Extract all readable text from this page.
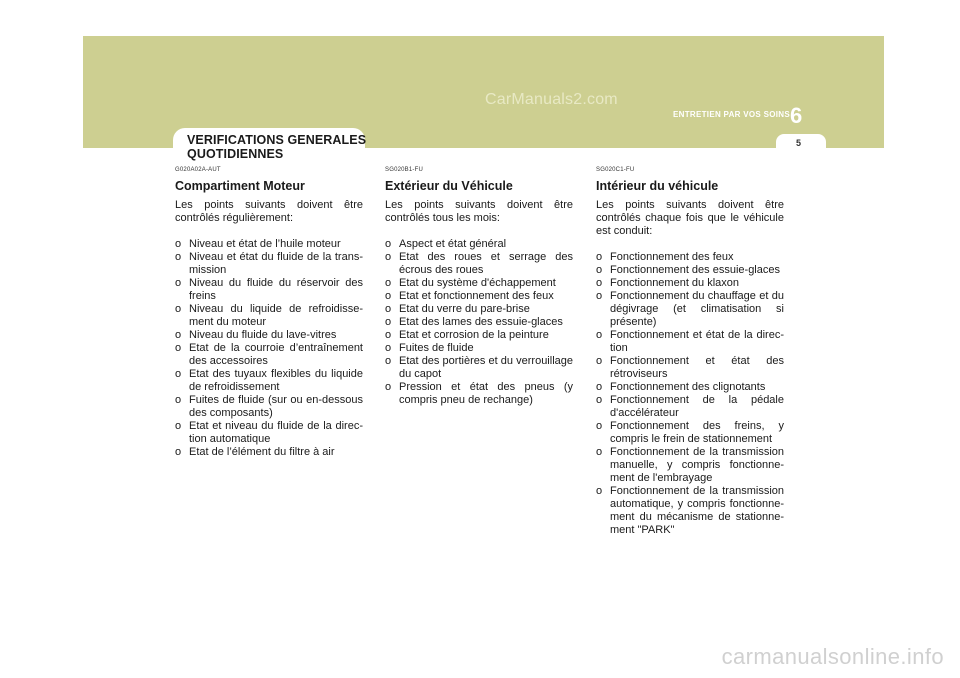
CarManuals2.com
ENTRETIEN PAR VOS SOINS 6
5
VERIFICATIONS GENERALES
QUOTIDIENNES
G020A02A-AUT
Compartiment Moteur
Les points suivants doivent être contrôlés régulièrement:
o Niveau et état de l’huile moteur
o Niveau et état du fluide de la trans-mission
o Niveau du fluide du réservoir des freins
o Niveau du liquide de refroidisse-ment du moteur
o Niveau du fluide du lave-vitres
o Etat de la courroie d’entraînement des accessoires
o Etat des tuyaux flexibles du liquide de refroidissement
o Fuites de fluide (sur ou en-dessous des composants)
o Etat et niveau du fluide de la direc-tion automatique
o Etat de l’élément du filtre à air
SG020B1-FU
Extérieur du Véhicule
Les points suivants doivent être contrôlés tous les mois:
o Aspect et état général
o Etat des roues et serrage des écrous des roues
o Etat du système d'échappement
o Etat et fonctionnement des feux
o Etat du verre du pare-brise
o Etat des lames des essuie-glaces
o Etat et corrosion de la peinture
o Fuites de fluide
o Etat des portières et du verrouillage du capot
o Pression et état des pneus (y compris pneu de rechange)
SG020C1-FU
Intérieur du véhicule
Les points suivants doivent être contrôlés chaque fois que le véhicule est conduit:
o Fonctionnement des feux
o Fonctionnement des essuie-glaces
o Fonctionnement du klaxon
o Fonctionnement du chauffage et du dégivrage (et climatisation si présente)
o Fonctionnement et état de la direc-tion
o Fonctionnement et état des rétroviseurs
o Fonctionnement des clignotants
o Fonctionnement de la pédale d'accélérateur
o Fonctionnement des freins, y compris le frein de stationnement
o Fonctionnement de la transmission manuelle, y compris fonctionne-ment de l'embrayage
o Fonctionnement de la transmission automatique, y compris fonctionne-ment du mécanisme de stationne-ment "PARK"
carmanualsonline.info
